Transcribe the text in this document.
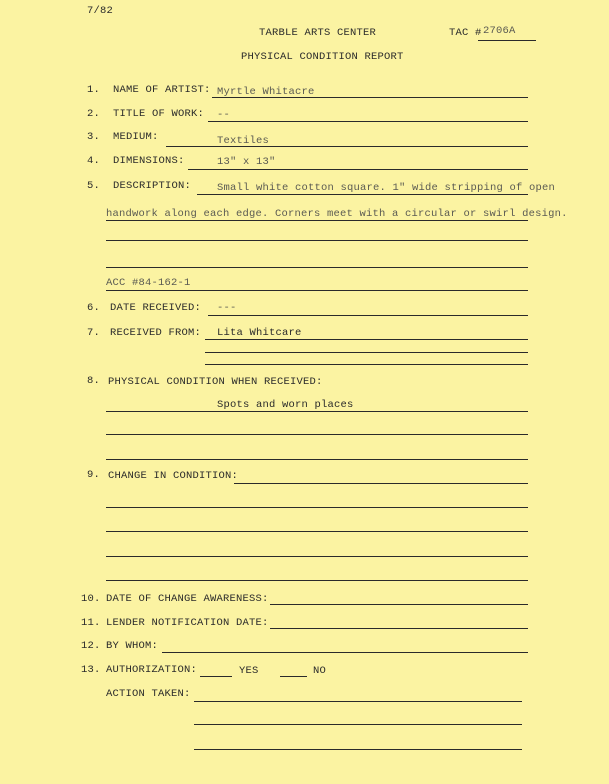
7/82
TARBLE ARTS CENTER	TAC # 2706A
PHYSICAL CONDITION REPORT
1. NAME OF ARTIST: Myrtle Whitacre
2. TITLE OF WORK: --
3. MEDIUM:	Textiles
4. DIMENSIONS:	13" x 13"
5. DESCRIPTION: Small white cotton square. 1" wide stripping of open
handwork along each edge. Corners meet with a circular or swirl design.
ACC #84-162-1
6. DATE RECEIVED: ---
7. RECEIVED FROM: Lita Whitcare
8. PHYSICAL CONDITION WHEN RECEIVED:
Spots and worn places
9. CHANGE IN CONDITION:
10. DATE OF CHANGE AWARENESS:
11. LENDER NOTIFICATION DATE:
12. BY WHOM:
13. AUTHORIZATION:	YES	NO
ACTION TAKEN:
